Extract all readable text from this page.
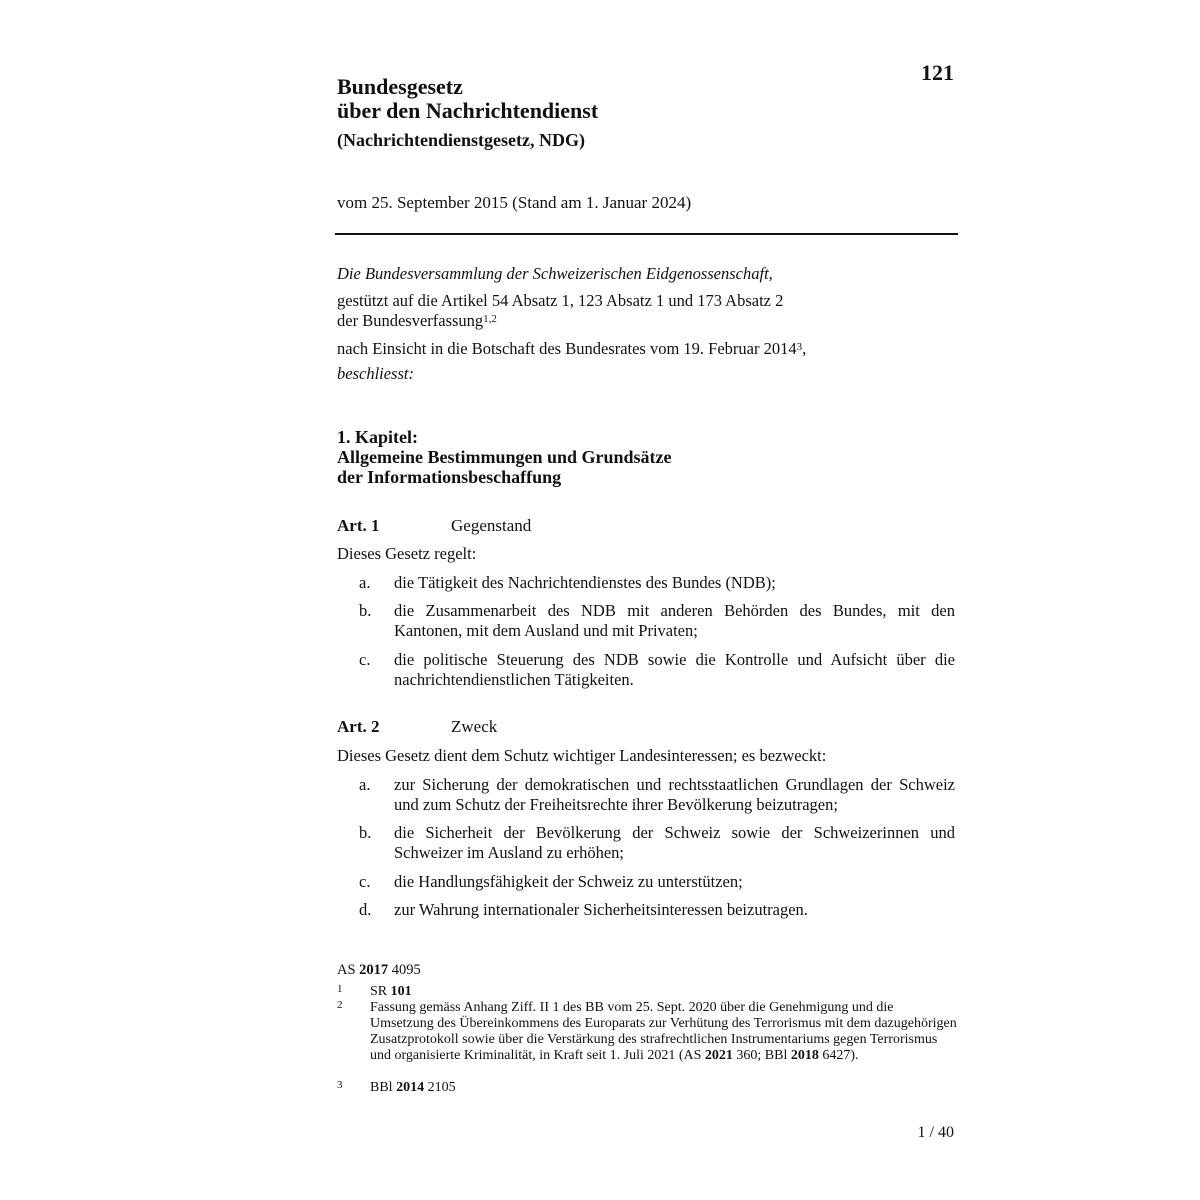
121
Bundesgesetz
über den Nachrichtendienst
(Nachrichtendienstgesetz, NDG)
vom 25. September 2015 (Stand am 1. Januar 2024)
Die Bundesversammlung der Schweizerischen Eidgenossenschaft,
gestützt auf die Artikel 54 Absatz 1, 123 Absatz 1 und 173 Absatz 2
der Bundesverfassung$^{1,2}$
nach Einsicht in die Botschaft des Bundesrates vom 19. Februar 2014$^3$,
beschliesst:
1. Kapitel:
Allgemeine Bestimmungen und Grundsätze
der Informationsbeschaffung
Art. 1	Gegenstand
Dieses Gesetz regelt:
a. die Tätigkeit des Nachrichtendienstes des Bundes (NDB);
b. die Zusammenarbeit des NDB mit anderen Behörden des Bundes, mit den Kantonen, mit dem Ausland und mit Privaten;
c. die politische Steuerung des NDB sowie die Kontrolle und Aufsicht über die nachrichtendienstlichen Tätigkeiten.
Art. 2	Zweck
Dieses Gesetz dient dem Schutz wichtiger Landesinteressen; es bezweckt:
a. zur Sicherung der demokratischen und rechtsstaatlichen Grundlagen der Schweiz und zum Schutz der Freiheitsrechte ihrer Bevölkerung beizutragen;
b. die Sicherheit der Bevölkerung der Schweiz sowie der Schweizerinnen und Schweizer im Ausland zu erhöhen;
c. die Handlungsfähigkeit der Schweiz zu unterstützen;
d. zur Wahrung internationaler Sicherheitsinteressen beizutragen.
AS 2017 4095
1 SR 101
2 Fassung gemäss Anhang Ziff. II 1 des BB vom 25. Sept. 2020 über die Genehmigung und die Umsetzung des Übereinkommens des Europarats zur Verhütung des Terrorismus mit dem dazugehörigen Zusatzprotokoll sowie über die Verstärkung des strafrechtlichen Instrumentariums gegen Terrorismus und organisierte Kriminalität, in Kraft seit 1. Juli 2021 (AS 2021 360; BBl 2018 6427).
3 BBl 2014 2105
1 / 40
